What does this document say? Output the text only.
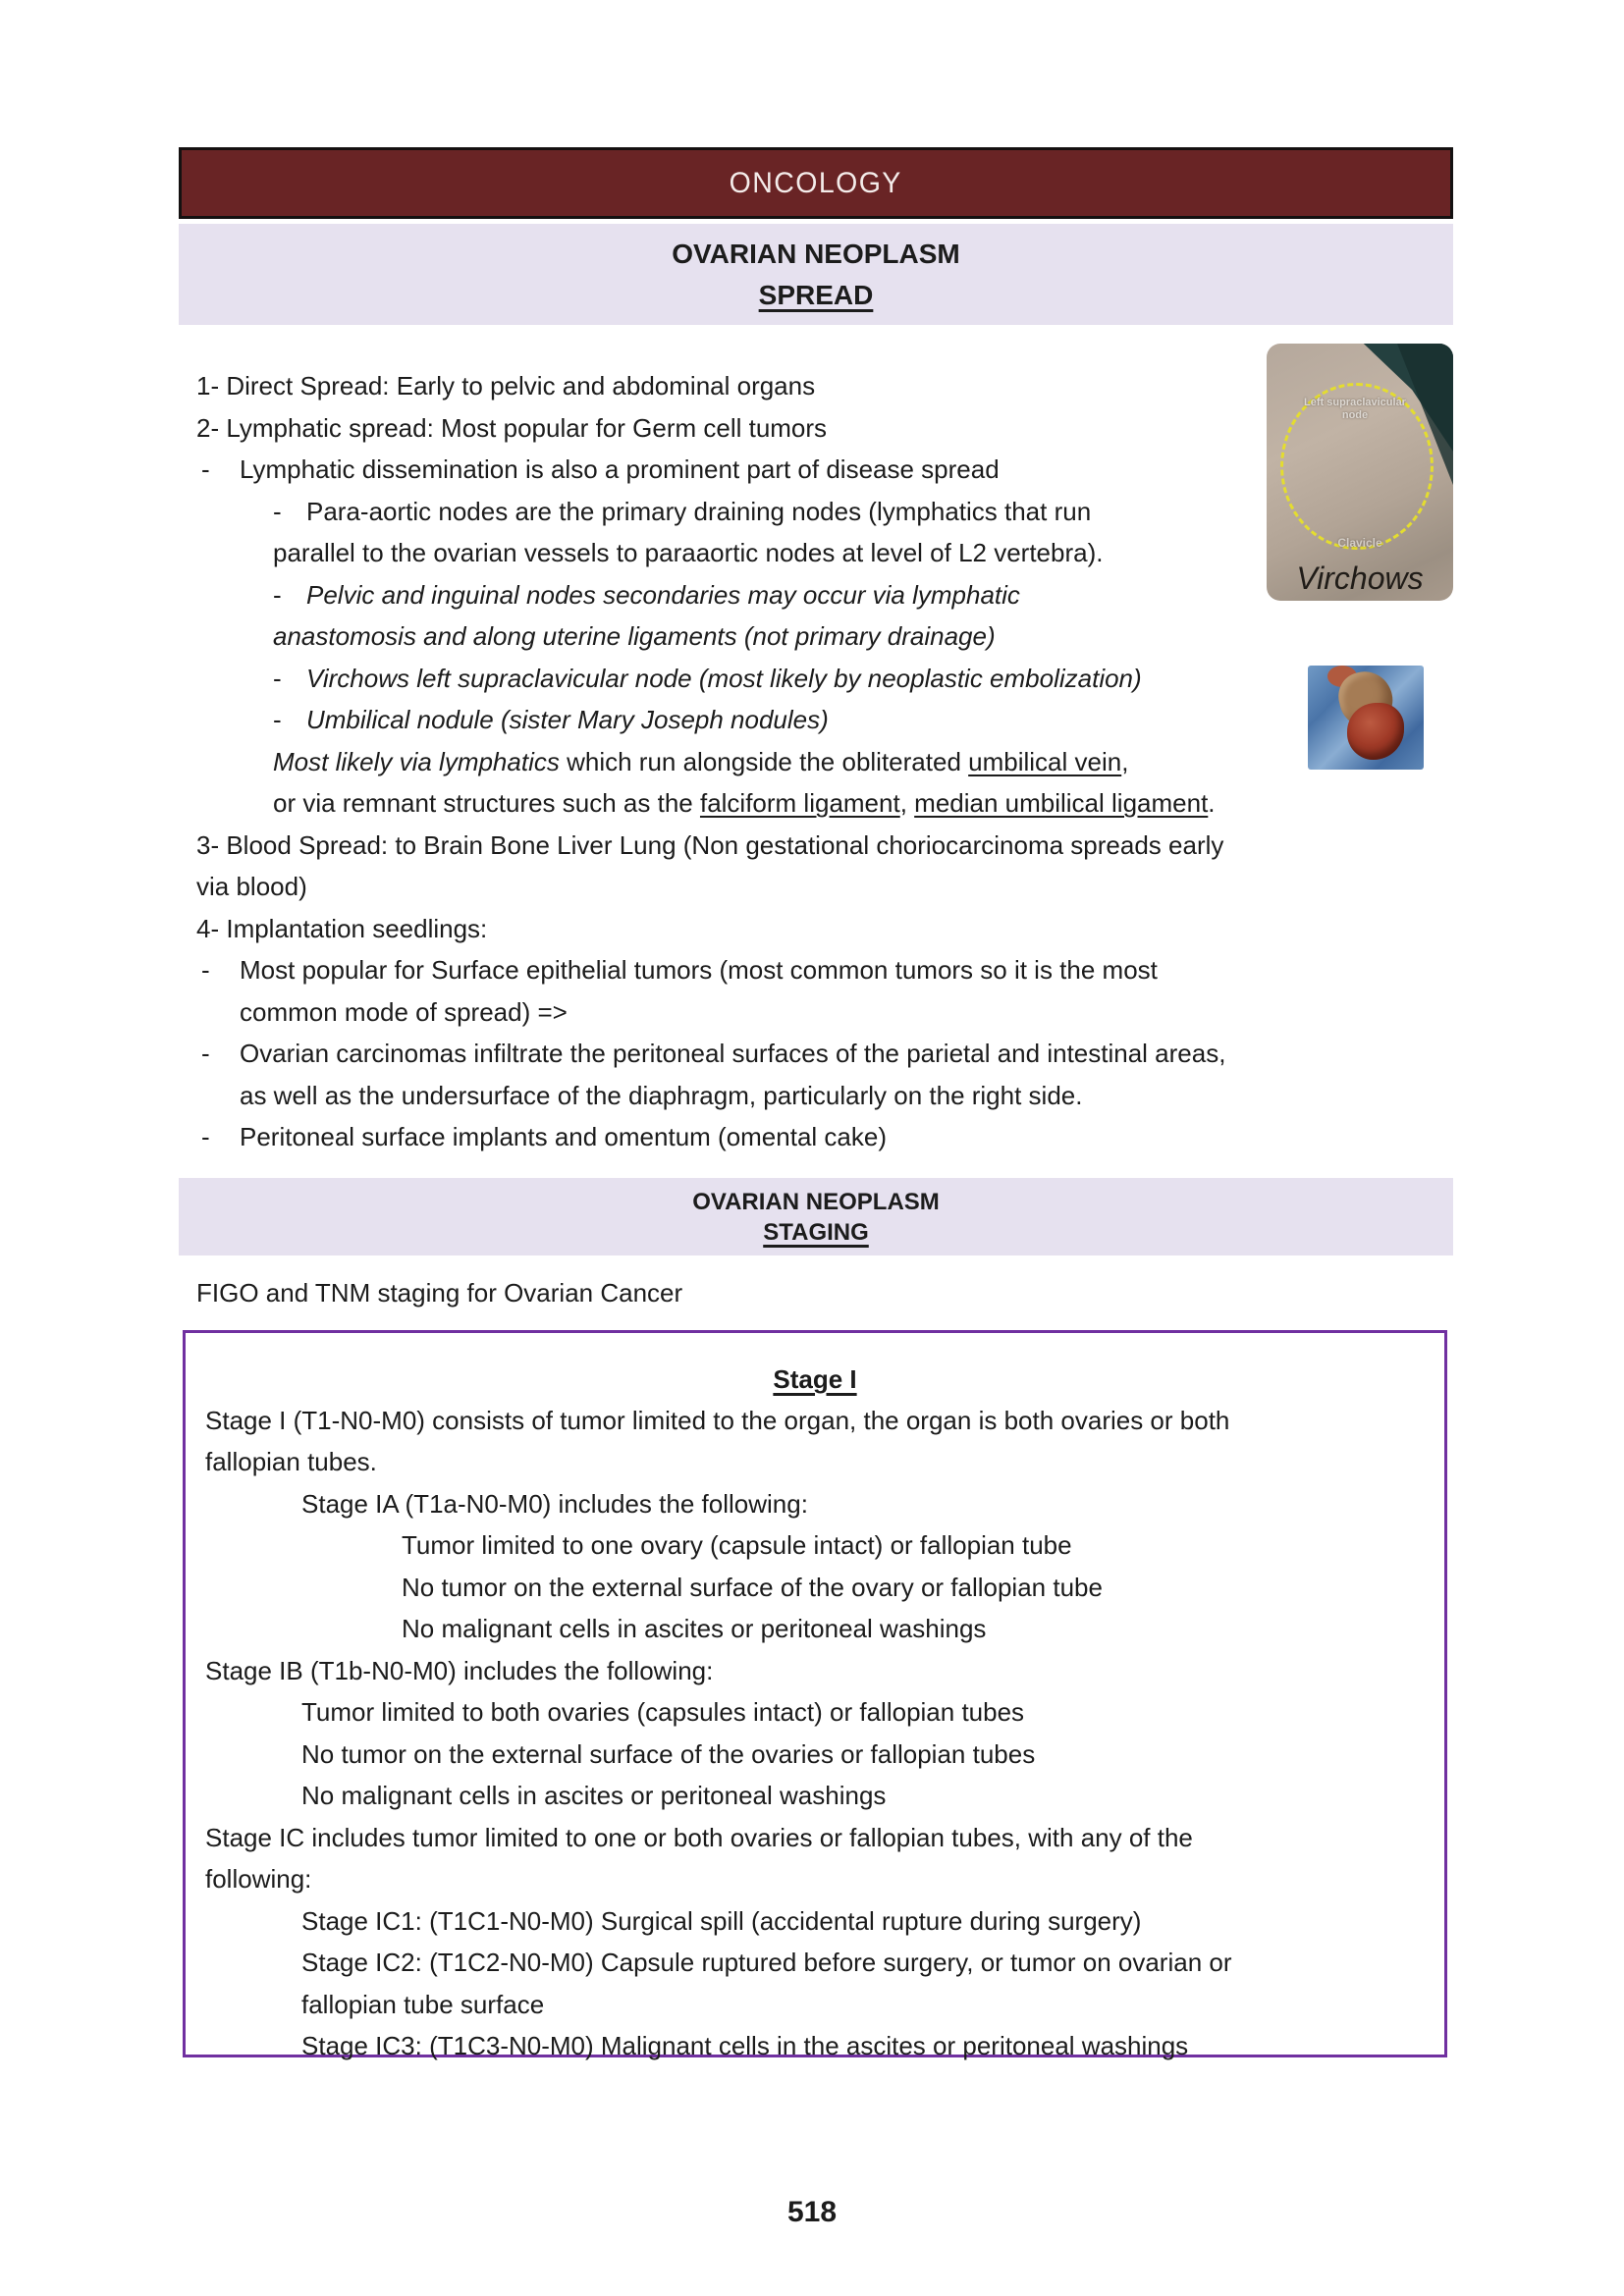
ONCOLOGY
OVARIAN NEOPLASM
SPREAD
1- Direct Spread: Early to pelvic and abdominal organs
2- Lymphatic spread: Most popular for Germ cell tumors
- Lymphatic dissemination is also a prominent part of disease spread
- Para-aortic nodes are the primary draining nodes (lymphatics that run
parallel to the ovarian vessels to paraaortic nodes at level of L2 vertebra).
- Pelvic and inguinal nodes secondaries may occur via lymphatic
anastomosis and along uterine ligaments (not primary drainage)
- Virchows left supraclavicular node (most likely by neoplastic embolization)
- Umbilical nodule (sister Mary Joseph nodules)
Most likely via lymphatics which run alongside the obliterated umbilical vein,
or via remnant structures such as the falciform ligament, median umbilical ligament.
3- Blood Spread: to Brain Bone Liver Lung (Non gestational choriocarcinoma spreads early
via blood)
4- Implantation seedlings:
- Most popular for Surface epithelial tumors (most common tumors so it is the most
common mode of spread) =>
- Ovarian carcinomas infiltrate the peritoneal surfaces of the parietal and intestinal areas,
as well as the undersurface of the diaphragm, particularly on the right side.
- Peritoneal surface implants and omentum (omental cake)
Left supraclavicular node
Clavicle
Virchows
OVARIAN NEOPLASM
STAGING
FIGO and TNM staging for Ovarian Cancer
Stage I
Stage I (T1-N0-M0) consists of tumor limited to the organ, the organ is both ovaries or both
fallopian tubes.
Stage IA (T1a-N0-M0) includes the following:
Tumor limited to one ovary (capsule intact) or fallopian tube
No tumor on the external surface of the ovary or fallopian tube
No malignant cells in ascites or peritoneal washings
Stage IB (T1b-N0-M0) includes the following:
Tumor limited to both ovaries (capsules intact) or fallopian tubes
No tumor on the external surface of the ovaries or fallopian tubes
No malignant cells in ascites or peritoneal washings
Stage IC includes tumor limited to one or both ovaries or fallopian tubes, with any of the
following:
Stage IC1: (T1C1-N0-M0) Surgical spill (accidental rupture during surgery)
Stage IC2: (T1C2-N0-M0) Capsule ruptured before surgery, or tumor on ovarian or
fallopian tube surface
Stage IC3: (T1C3-N0-M0) Malignant cells in the ascites or peritoneal washings
518
